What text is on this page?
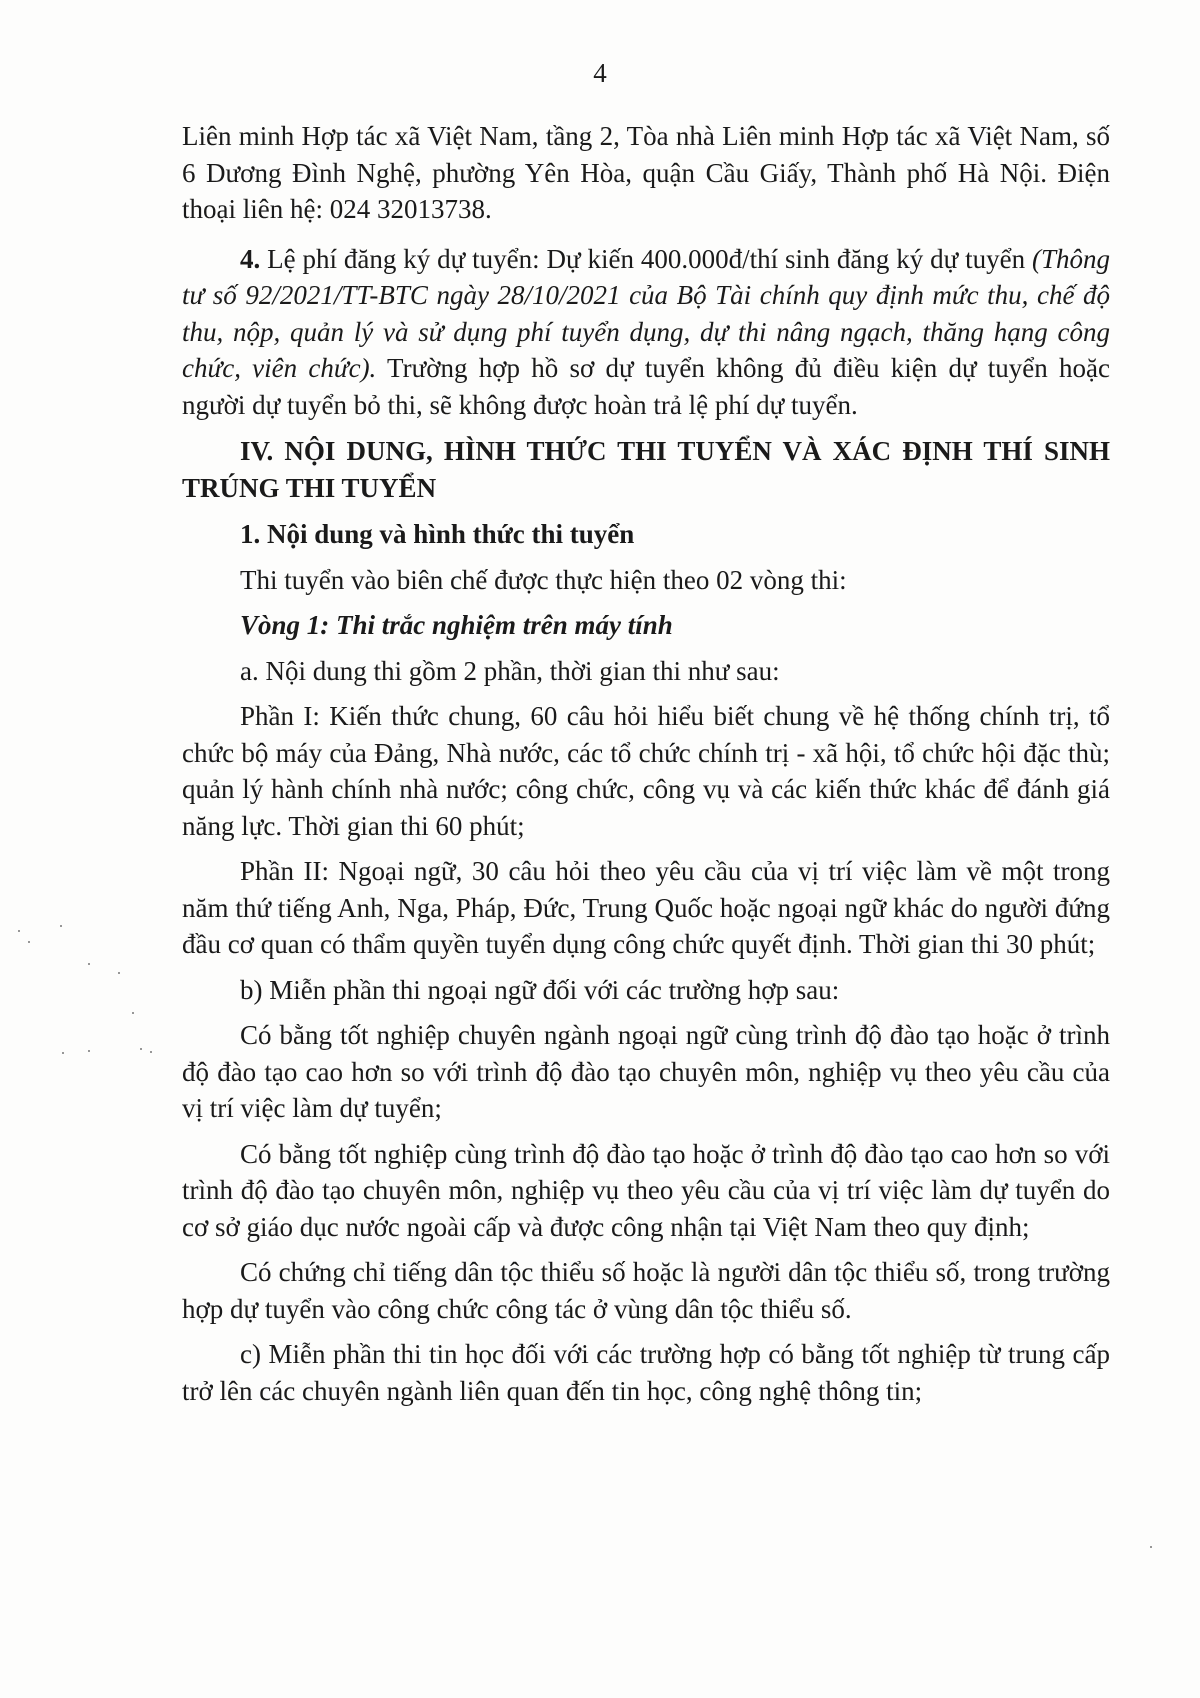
4

Liên minh Hợp tác xã Việt Nam, tầng 2, Tòa nhà Liên minh Hợp tác xã Việt Nam, số 6 Dương Đình Nghệ, phường Yên Hòa, quận Cầu Giấy, Thành phố Hà Nội. Điện thoại liên hệ: 024 32013738.

4. Lệ phí đăng ký dự tuyển: Dự kiến 400.000đ/thí sinh đăng ký dự tuyển (Thông tư số 92/2021/TT-BTC ngày 28/10/2021 của Bộ Tài chính quy định mức thu, chế độ thu, nộp, quản lý và sử dụng phí tuyển dụng, dự thi nâng ngạch, thăng hạng công chức, viên chức). Trường hợp hồ sơ dự tuyển không đủ điều kiện dự tuyển hoặc người dự tuyển bỏ thi, sẽ không được hoàn trả lệ phí dự tuyển.

IV. NỘI DUNG, HÌNH THỨC THI TUYỂN VÀ XÁC ĐỊNH THÍ SINH TRÚNG THI TUYỂN

1. Nội dung và hình thức thi tuyển

Thi tuyển vào biên chế được thực hiện theo 02 vòng thi:

Vòng 1: Thi trắc nghiệm trên máy tính

a. Nội dung thi gồm 2 phần, thời gian thi như sau:

Phần I: Kiến thức chung, 60 câu hỏi hiểu biết chung về hệ thống chính trị, tổ chức bộ máy của Đảng, Nhà nước, các tổ chức chính trị - xã hội, tổ chức hội đặc thù; quản lý hành chính nhà nước; công chức, công vụ và các kiến thức khác để đánh giá năng lực. Thời gian thi 60 phút;

Phần II: Ngoại ngữ, 30 câu hỏi theo yêu cầu của vị trí việc làm về một trong năm thứ tiếng Anh, Nga, Pháp, Đức, Trung Quốc hoặc ngoại ngữ khác do người đứng đầu cơ quan có thẩm quyền tuyển dụng công chức quyết định. Thời gian thi 30 phút;

b) Miễn phần thi ngoại ngữ đối với các trường hợp sau:

Có bằng tốt nghiệp chuyên ngành ngoại ngữ cùng trình độ đào tạo hoặc ở trình độ đào tạo cao hơn so với trình độ đào tạo chuyên môn, nghiệp vụ theo yêu cầu của vị trí việc làm dự tuyển;

Có bằng tốt nghiệp cùng trình độ đào tạo hoặc ở trình độ đào tạo cao hơn so với trình độ đào tạo chuyên môn, nghiệp vụ theo yêu cầu của vị trí việc làm dự tuyển do cơ sở giáo dục nước ngoài cấp và được công nhận tại Việt Nam theo quy định;

Có chứng chỉ tiếng dân tộc thiểu số hoặc là người dân tộc thiểu số, trong trường hợp dự tuyển vào công chức công tác ở vùng dân tộc thiểu số.

c) Miễn phần thi tin học đối với các trường hợp có bằng tốt nghiệp từ trung cấp trở lên các chuyên ngành liên quan đến tin học, công nghệ thông tin;
